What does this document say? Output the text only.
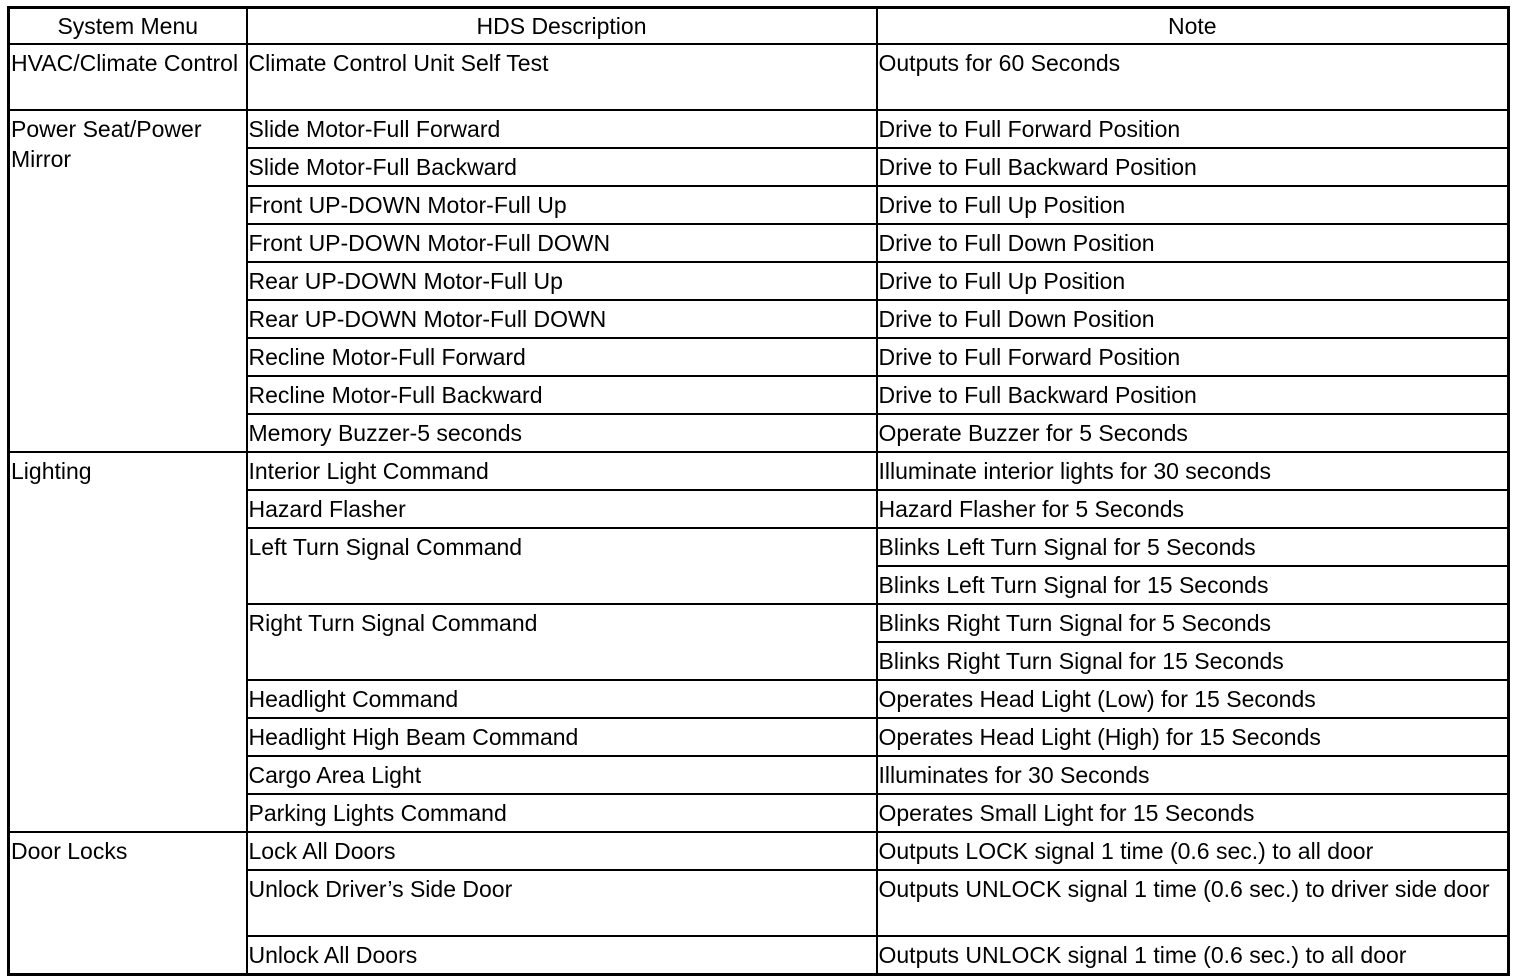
System Menu	HDS Description	Note
HVAC/Climate Control	Climate Control Unit Self Test	Outputs for 60 Seconds
Power Seat/Power Mirror	Slide Motor-Full Forward	Drive to Full Forward Position
	Slide Motor-Full Backward	Drive to Full Backward Position
	Front UP-DOWN Motor-Full Up	Drive to Full Up Position
	Front UP-DOWN Motor-Full DOWN	Drive to Full Down Position
	Rear UP-DOWN Motor-Full Up	Drive to Full Up Position
	Rear UP-DOWN Motor-Full DOWN	Drive to Full Down Position
	Recline Motor-Full Forward	Drive to Full Forward Position
	Recline Motor-Full Backward	Drive to Full Backward Position
	Memory Buzzer-5 seconds	Operate Buzzer for 5 Seconds
Lighting	Interior Light Command	Illuminate interior lights for 30 seconds
	Hazard Flasher	Hazard Flasher for 5 Seconds
	Left Turn Signal Command	Blinks Left Turn Signal for 5 Seconds
		Blinks Left Turn Signal for 15 Seconds
	Right Turn Signal Command	Blinks Right Turn Signal for 5 Seconds
		Blinks Right Turn Signal for 15 Seconds
	Headlight Command	Operates Head Light (Low) for 15 Seconds
	Headlight High Beam Command	Operates Head Light (High) for 15 Seconds
	Cargo Area Light	Illuminates for 30 Seconds
	Parking Lights Command	Operates Small Light for 15 Seconds
Door Locks	Lock All Doors	Outputs LOCK signal 1 time (0.6 sec.) to all door
	Unlock Driver’s Side Door	Outputs UNLOCK signal 1 time (0.6 sec.) to driver side door
	Unlock All Doors	Outputs UNLOCK signal 1 time (0.6 sec.) to all door
